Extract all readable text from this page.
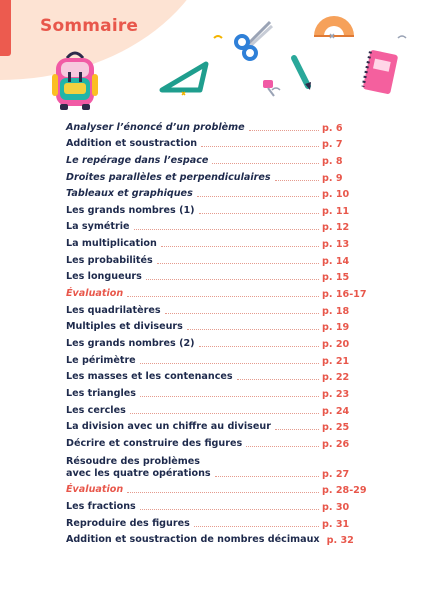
Sommaire
Analyser l’énoncé d’un problème	p. 6
Addition et soustraction	p. 7
Le repérage dans l’espace	p. 8
Droites parallèles et perpendiculaires	p. 9
Tableaux et graphiques	p. 10
Les grands nombres (1)	p. 11
La symétrie	p. 12
La multiplication	p. 13
Les probabilités	p. 14
Les longueurs	p. 15
Évaluation	p. 16-17
Les quadrilatères	p. 18
Multiples et diviseurs	p. 19
Les grands nombres (2)	p. 20
Le périmètre	p. 21
Les masses et les contenances	p. 22
Les triangles	p. 23
Les cercles	p. 24
La division avec un chiffre au diviseur	p. 25
Décrire et construire des figures	p. 26
Résoudre des problèmes
avec les quatre opérations	p. 27
Évaluation	p. 28-29
Les fractions	p. 30
Reproduire des figures	p. 31
Addition et soustraction de nombres décimaux p. 32
